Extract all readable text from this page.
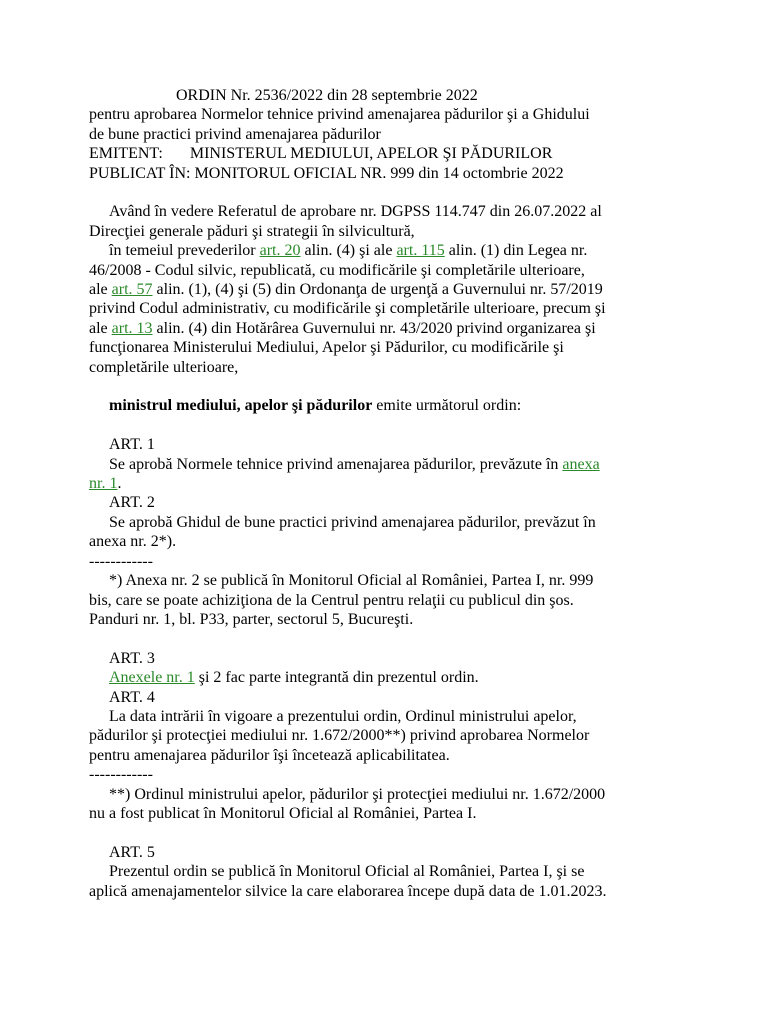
ORDIN Nr. 2536/2022 din 28 septembrie 2022

pentru aprobarea Normelor tehnice privind amenajarea pădurilor şi a Ghidului

de bune practici privind amenajarea pădurilor

EMITENT: MINISTERUL MEDIULUI, APELOR ŞI PĂDURILOR

PUBLICAT ÎN: MONITORUL OFICIAL NR. 999 din 14 octombrie 2022

Având în vedere Referatul de aprobare nr. DGPSS 114.747 din 26.07.2022 al

Direcţiei generale păduri şi strategii în silvicultură,

în temeiul prevederilor art. 20 alin. (4) şi ale art. 115 alin. (1) din Legea nr.

46/2008 - Codul silvic, republicată, cu modificările şi completările ulterioare,

ale art. 57 alin. (1), (4) şi (5) din Ordonanţa de urgenţă a Guvernului nr. 57/2019

privind Codul administrativ, cu modificările şi completările ulterioare, precum şi

ale art. 13 alin. (4) din Hotărârea Guvernului nr. 43/2020 privind organizarea şi

funcţionarea Ministerului Mediului, Apelor şi Pădurilor, cu modificările şi

completările ulterioare,

ministrul mediului, apelor şi pădurilor emite următorul ordin:

ART. 1

Se aprobă Normele tehnice privind amenajarea pădurilor, prevăzute în anexa

nr. 1.

ART. 2

Se aprobă Ghidul de bune practici privind amenajarea pădurilor, prevăzut în

anexa nr. 2*).

------------

*) Anexa nr. 2 se publică în Monitorul Oficial al României, Partea I, nr. 999

bis, care se poate achiziţiona de la Centrul pentru relaţii cu publicul din şos.

Panduri nr. 1, bl. P33, parter, sectorul 5, Bucureşti.

ART. 3

Anexele nr. 1 şi 2 fac parte integrantă din prezentul ordin.

ART. 4

La data intrării în vigoare a prezentului ordin, Ordinul ministrului apelor,

pădurilor şi protecţiei mediului nr. 1.672/2000**) privind aprobarea Normelor

pentru amenajarea pădurilor îşi încetează aplicabilitatea.

------------

**) Ordinul ministrului apelor, pădurilor şi protecţiei mediului nr. 1.672/2000

nu a fost publicat în Monitorul Oficial al României, Partea I.

ART. 5

Prezentul ordin se publică în Monitorul Oficial al României, Partea I, şi se

aplică amenajamentelor silvice la care elaborarea începe după data de 1.01.2023.
